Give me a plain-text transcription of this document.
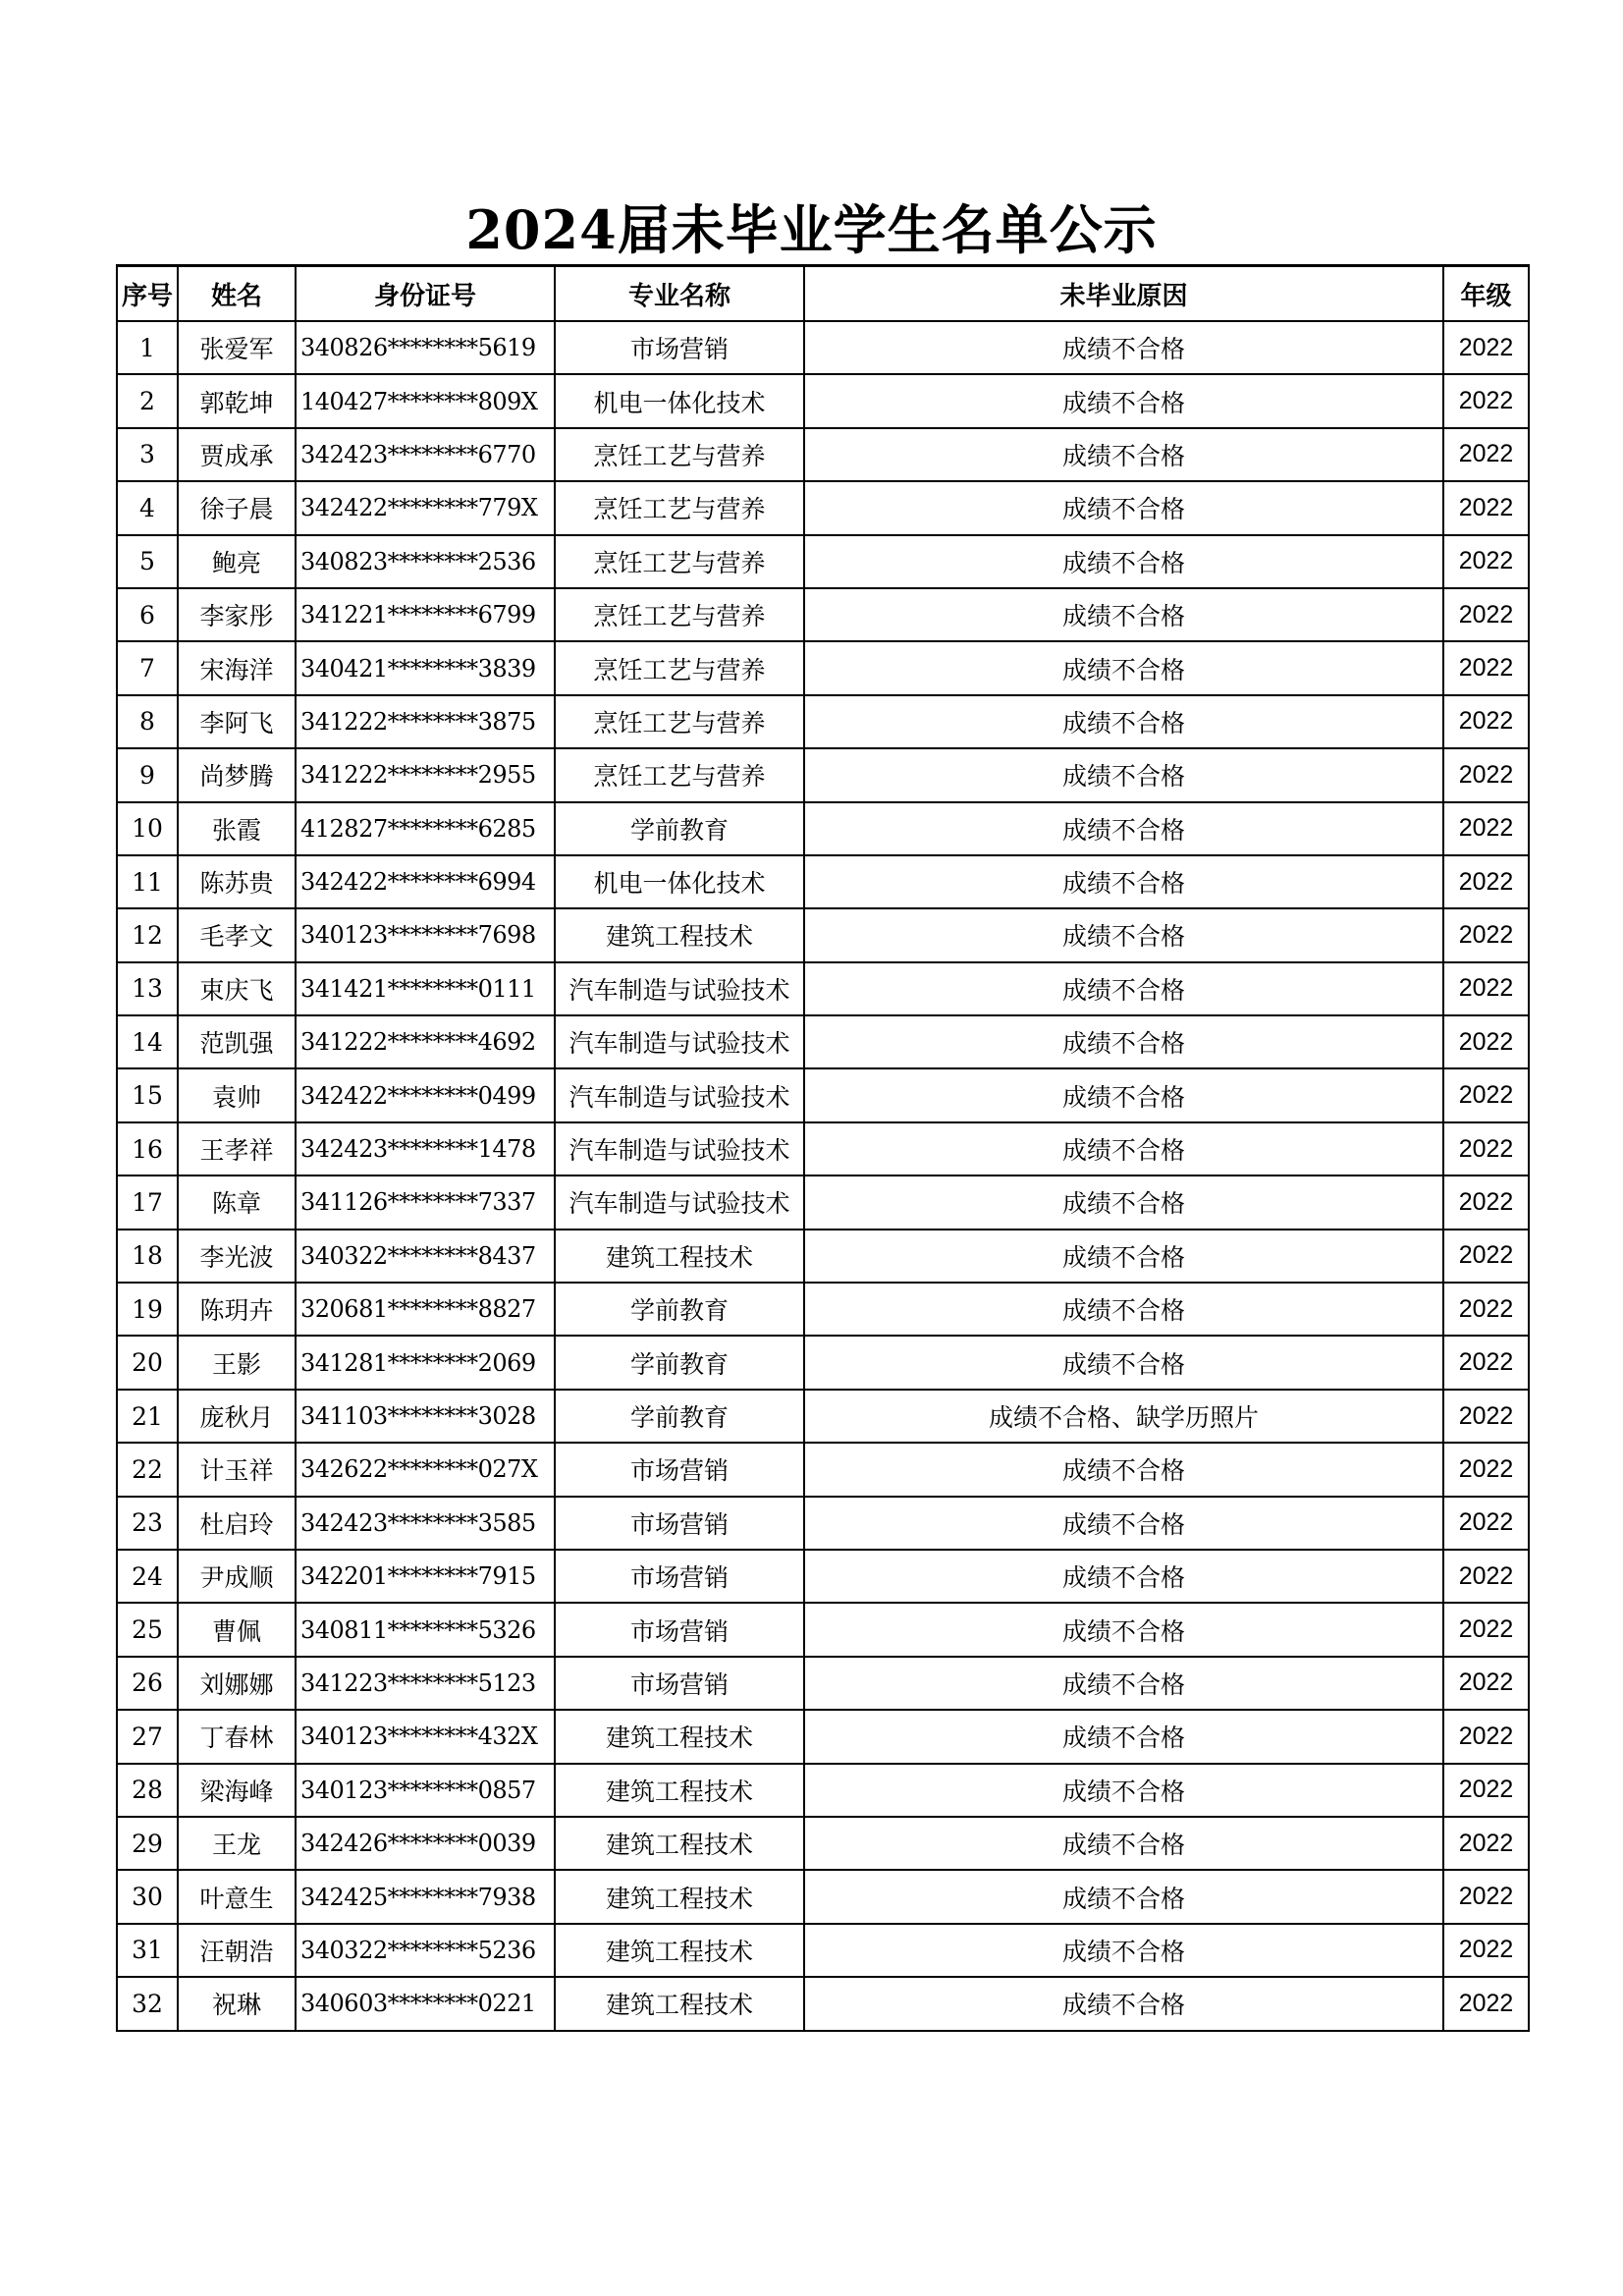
2024届未毕业学生名单公示
序号	姓名	身份证号	专业名称	未毕业原因	年级
1	张爱军	340826********5619	市场营销	成绩不合格	2022
2	郭乾坤	140427********809X	机电一体化技术	成绩不合格	2022
3	贾成承	342423********6770	烹饪工艺与营养	成绩不合格	2022
4	徐子晨	342422********779X	烹饪工艺与营养	成绩不合格	2022
5	鲍亮	340823********2536	烹饪工艺与营养	成绩不合格	2022
6	李家彤	341221********6799	烹饪工艺与营养	成绩不合格	2022
7	宋海洋	340421********3839	烹饪工艺与营养	成绩不合格	2022
8	李阿飞	341222********3875	烹饪工艺与营养	成绩不合格	2022
9	尚梦腾	341222********2955	烹饪工艺与营养	成绩不合格	2022
10	张霞	412827********6285	学前教育	成绩不合格	2022
11	陈苏贵	342422********6994	机电一体化技术	成绩不合格	2022
12	毛孝文	340123********7698	建筑工程技术	成绩不合格	2022
13	束庆飞	341421********0111	汽车制造与试验技术	成绩不合格	2022
14	范凯强	341222********4692	汽车制造与试验技术	成绩不合格	2022
15	袁帅	342422********0499	汽车制造与试验技术	成绩不合格	2022
16	王孝祥	342423********1478	汽车制造与试验技术	成绩不合格	2022
17	陈章	341126********7337	汽车制造与试验技术	成绩不合格	2022
18	李光波	340322********8437	建筑工程技术	成绩不合格	2022
19	陈玥卉	320681********8827	学前教育	成绩不合格	2022
20	王影	341281********2069	学前教育	成绩不合格	2022
21	庞秋月	341103********3028	学前教育	成绩不合格、缺学历照片	2022
22	计玉祥	342622********027X	市场营销	成绩不合格	2022
23	杜启玲	342423********3585	市场营销	成绩不合格	2022
24	尹成顺	342201********7915	市场营销	成绩不合格	2022
25	曹佩	340811********5326	市场营销	成绩不合格	2022
26	刘娜娜	341223********5123	市场营销	成绩不合格	2022
27	丁春林	340123********432X	建筑工程技术	成绩不合格	2022
28	梁海峰	340123********0857	建筑工程技术	成绩不合格	2022
29	王龙	342426********0039	建筑工程技术	成绩不合格	2022
30	叶意生	342425********7938	建筑工程技术	成绩不合格	2022
31	汪朝浩	340322********5236	建筑工程技术	成绩不合格	2022
32	祝琳	340603********0221	建筑工程技术	成绩不合格	2022
